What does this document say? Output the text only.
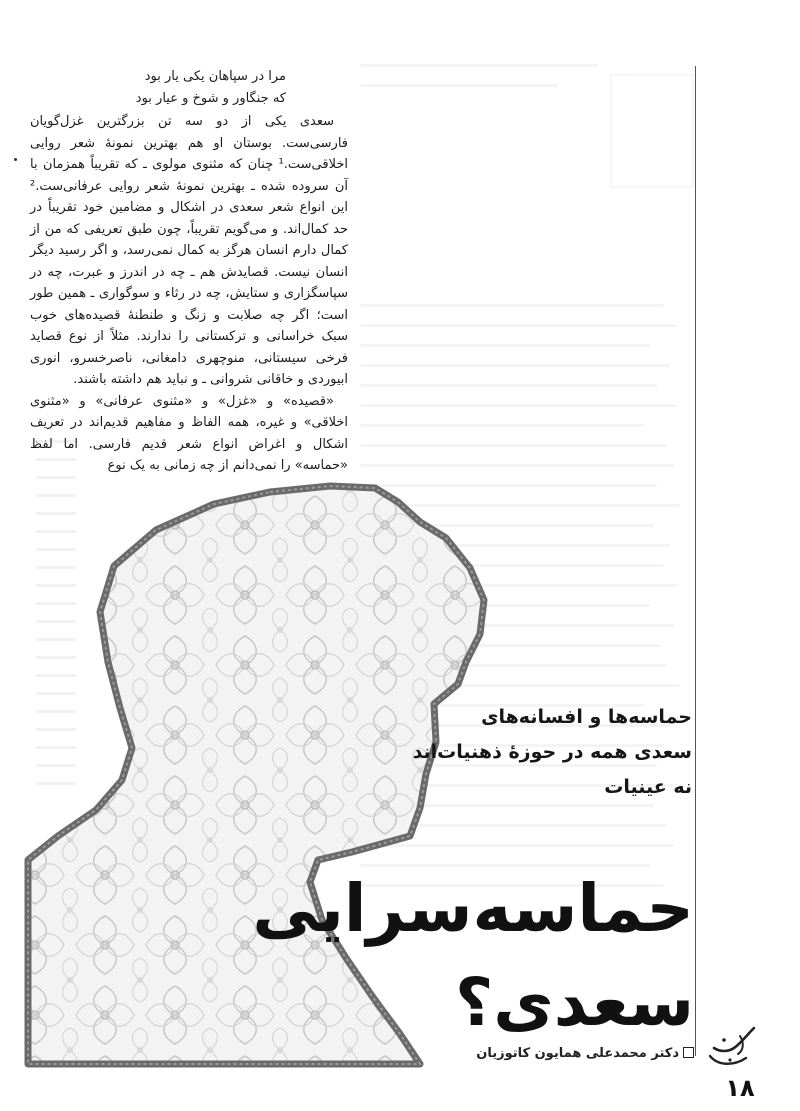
مرا در سپاهان یکی یار بود

که جنگاور و شوخ و عیار بود

سعدی یکی از دو سه تن بزرگترین غزل‌گویان فارسی‌ست. بوستان او هم بهترین نمونهٔ شعر روایی اخلاقی‌ست.¹ چنان که مثنوی مولوی ـ که تقریباً همزمان با آن سروده شده ـ بهترین نمونهٔ شعر روایی عرفانی‌ست.² این انواع شعر سعدی در اشکال و مضامین خود تقریباً در حد کمال‌اند. و می‌گویم تقریباً، چون طبق تعریفی که من از کمال دارم انسان هرگز به کمال نمی‌رسد، و اگر رسید دیگر انسان نیست. قصایدش هم ـ چه در اندرز و عبرت، چه در سپاسگزاری و ستایش، چه در رثاء و سوگواری ـ همین طور است؛ اگر چه صلابت و زنگ و طنطنهٔ قصیده‌های خوب سبک خراسانی و ترکستانی را ندارند. مثلاً از نوع قصاید فرخی سیستانی، منوچهری دامغانی، ناصرخسرو، انوری ابیوردی و خاقانی شروانی ـ و نباید هم داشته باشند.

«قصیده» و «غزل» و «مثنوی عرفانی» و «مثنوی اخلاقی» و غیره، همه الفاظ و مفاهیم قدیم‌اند در تعریف اشکال و اغراض انواع شعر قدیم فارسی. اما لفظ «حماسه» را نمی‌دانم از چه زمانی به یک نوع

حماسه‌ها و افسانه‌های
سعدی همه در حوزهٔ ذهنیات‌اند
نه عینیات
حماسه‌سرایی
سعدی؟
دکتر محمدعلی همایون کاتوزیان
۱۸
